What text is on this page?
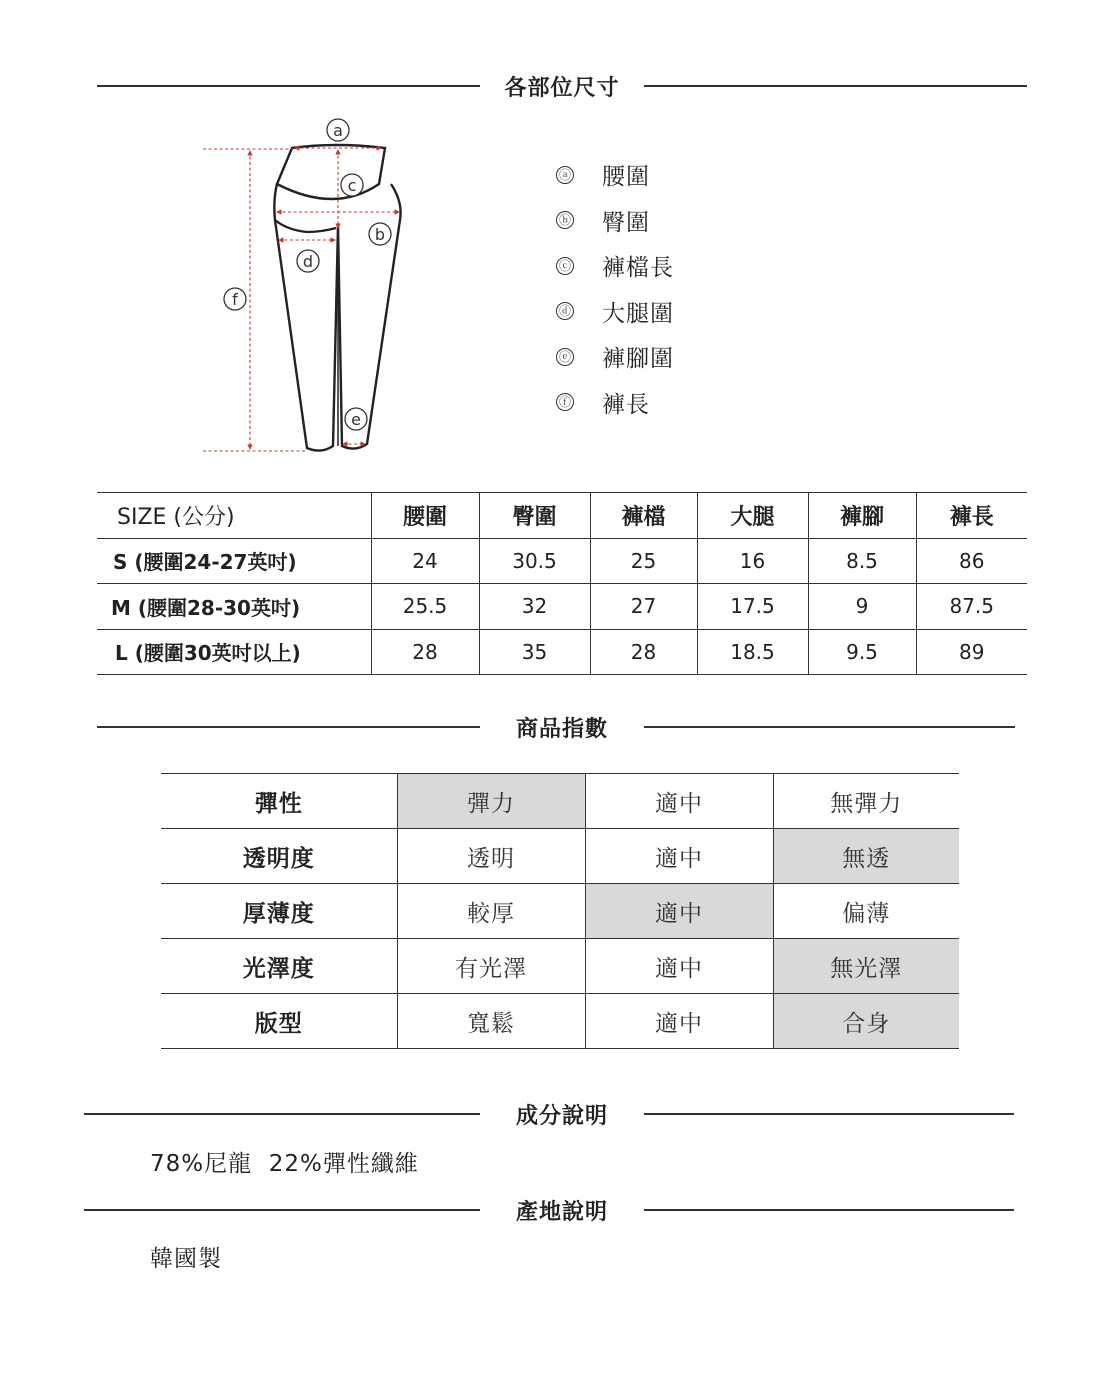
各部位尺寸
a
c
b
d
f
e
ⓐ 腰圍
ⓑ 臀圍
ⓒ 褲檔長
ⓓ 大腿圍
ⓔ 褲腳圍
ⓕ 褲長
SIZE (公分)	腰圍	臀圍	褲檔	大腿	褲腳	褲長
S (腰圍24-27英吋)	24	30.5	25	16	8.5	86
M (腰圍28-30英吋)	25.5	32	27	17.5	9	87.5
L (腰圍30英吋以上)	28	35	28	18.5	9.5	89
商品指數
彈性	彈力	適中	無彈力
透明度	透明	適中	無透
厚薄度	較厚	適中	偏薄
光澤度	有光澤	適中	無光澤
版型	寬鬆	適中	合身
成分說明
78%尼龍  22%彈性纖維
產地說明
韓國製
